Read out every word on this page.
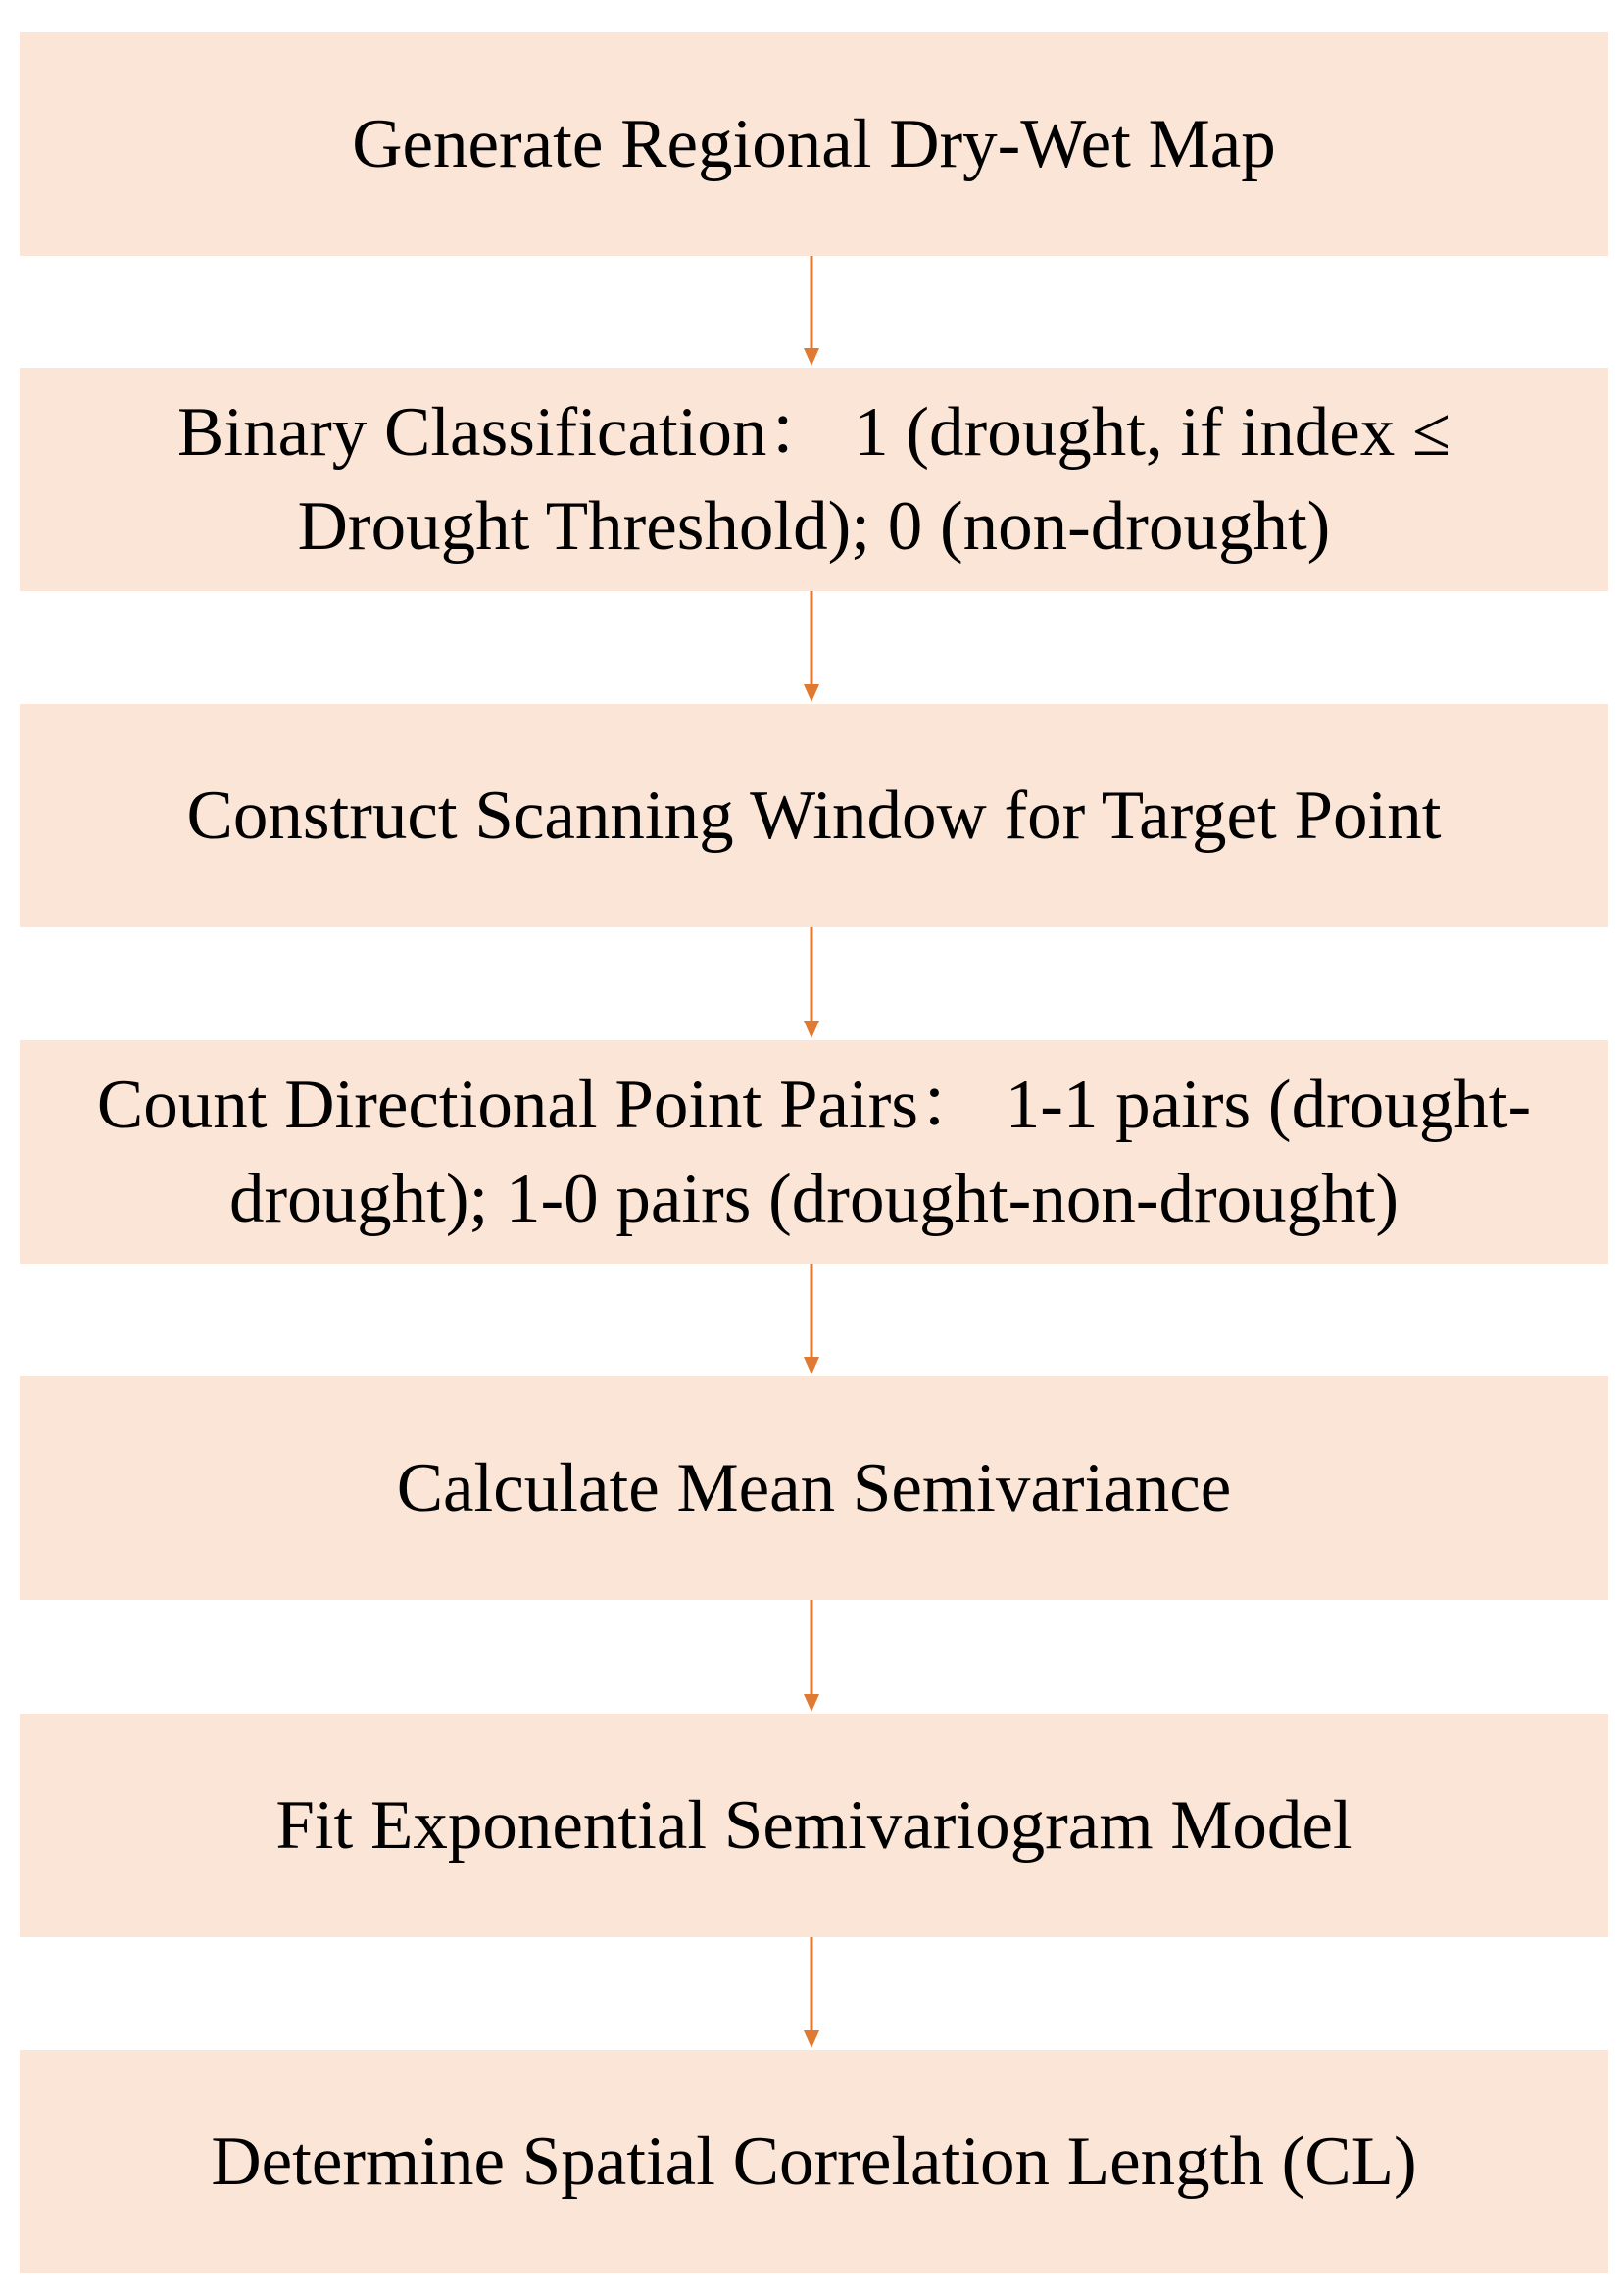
Generate Regional Dry-Wet Map
Binary Classification： 1 (drought, if index ≤
Drought Threshold); 0 (non-drought)
Construct Scanning Window for Target Point
Count Directional Point Pairs： 1-1 pairs (drought-
drought); 1-0 pairs (drought-non-drought)
Calculate Mean Semivariance
Fit Exponential Semivariogram Model
Determine Spatial Correlation Length (CL)
